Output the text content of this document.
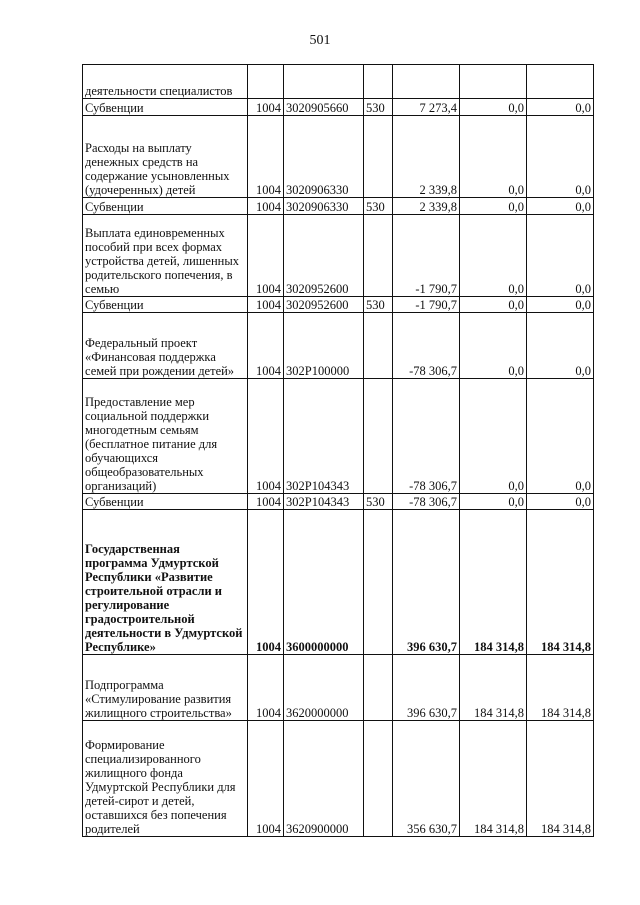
501
деятельности специалистов						
Субвенции	1004	3020905660	530	7 273,4	0,0	0,0
Расходы на выплату денежных средств на содержание усыновленных (удочеренных) детей	1004	3020906330		2 339,8	0,0	0,0
Субвенции	1004	3020906330	530	2 339,8	0,0	0,0
Выплата единовременных пособий при всех формах устройства детей, лишенных родительского попечения, в семью	1004	3020952600		-1 790,7	0,0	0,0
Субвенции	1004	3020952600	530	-1 790,7	0,0	0,0
Федеральный проект «Финансовая поддержка семей при рождении детей»	1004	302P100000		-78 306,7	0,0	0,0
Предоставление мер социальной поддержки многодетным семьям (бесплатное питание для обучающихся общеобразовательных организаций)	1004	302P104343		-78 306,7	0,0	0,0
Субвенции	1004	302P104343	530	-78 306,7	0,0	0,0
Государственная программа Удмуртской Республики «Развитие строительной отрасли и регулирование градостроительной деятельности в Удмуртской Республике»	1004	3600000000		396 630,7	184 314,8	184 314,8
Подпрограмма «Стимулирование развития жилищного строительства»	1004	3620000000		396 630,7	184 314,8	184 314,8
Формирование специализированного жилищного фонда Удмуртской Республики для детей-сирот и детей, оставшихся без попечения родителей	1004	3620900000		356 630,7	184 314,8	184 314,8
